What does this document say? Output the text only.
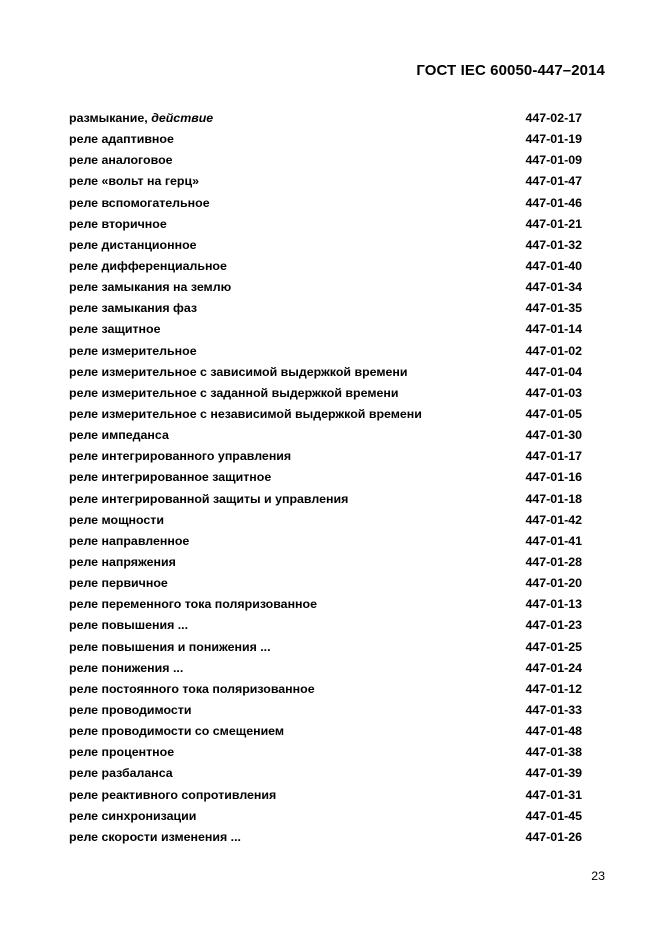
ГОСТ IEC 60050-447–2014
размыкание, действие	447-02-17
реле адаптивное	447-01-19
реле аналоговое	447-01-09
реле «вольт на герц»	447-01-47
реле вспомогательное	447-01-46
реле вторичное	447-01-21
реле дистанционное	447-01-32
реле дифференциальное	447-01-40
реле замыкания на землю	447-01-34
реле замыкания фаз	447-01-35
реле защитное	447-01-14
реле измерительное	447-01-02
реле измерительное с зависимой выдержкой времени	447-01-04
реле измерительное с заданной выдержкой времени	447-01-03
реле измерительное с независимой выдержкой времени	447-01-05
реле импеданса	447-01-30
реле интегрированного управления	447-01-17
реле интегрированное защитное	447-01-16
реле интегрированной защиты и управления	447-01-18
реле мощности	447-01-42
реле направленное	447-01-41
реле напряжения	447-01-28
реле первичное	447-01-20
реле переменного тока поляризованное	447-01-13
реле повышения ...	447-01-23
реле повышения и понижения ...	447-01-25
реле понижения ...	447-01-24
реле постоянного тока поляризованное	447-01-12
реле проводимости	447-01-33
реле проводимости со смещением	447-01-48
реле процентное	447-01-38
реле разбаланса	447-01-39
реле реактивного сопротивления	447-01-31
реле синхронизации	447-01-45
реле скорости изменения ...	447-01-26
23
